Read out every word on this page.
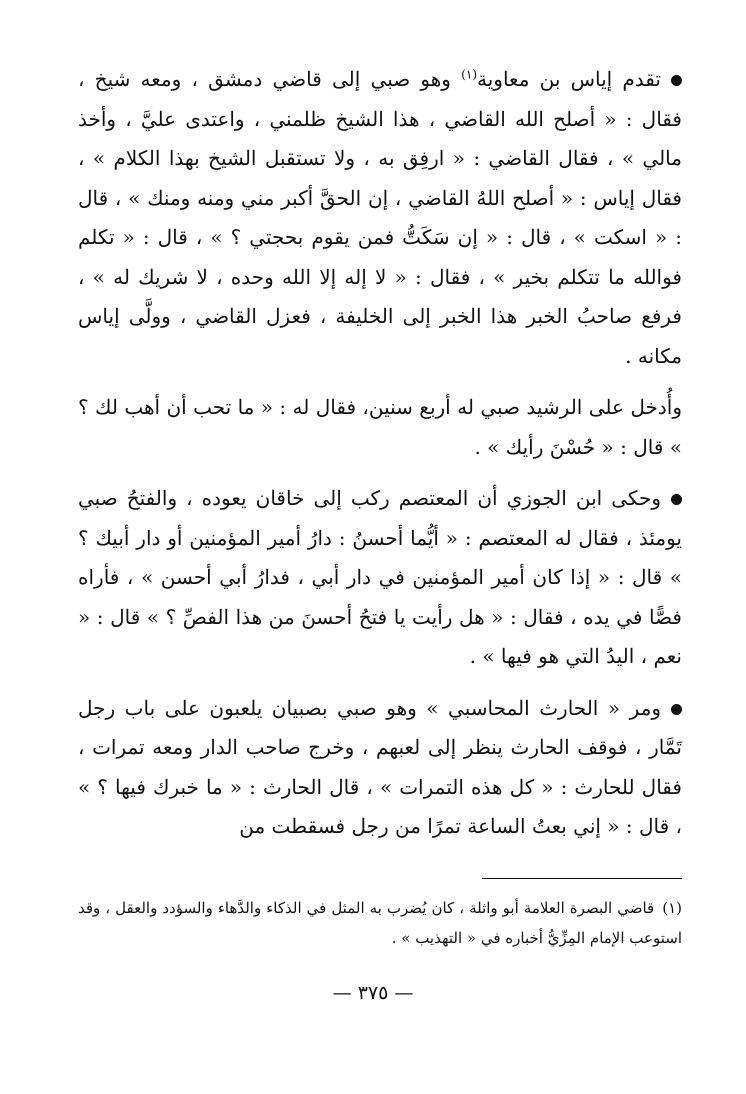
تقدم إياس بن معاوية$^{(١)}$ وهو صبي إلى قاضي دمشق ، ومعه شيخ ، فقال : « أصلح الله القاضي ، هذا الشيخ ظلمني ، واعتدى عليَّ ، وأخذ مالي » ، فقال القاضي : « ارفِق به ، ولا تستقبل الشيخ بهذا الكلام » ، فقال إياس : « أصلح اللهُ القاضي ، إن الحقَّ أكبر مني ومنه ومنك » ، قال : « اسكت » ، قال : « إن سَكَتُّ فمن يقوم بحجتي ؟ » ، قال : « تكلم فوالله ما تتكلم بخير » ، فقال : « لا إله إلا الله وحده ، لا شريك له » ، فرفع صاحبُ الخبر هذا الخبر إلى الخليفة ، فعزل القاضي ، وولَّى إياس مكانه .

وأُدخل على الرشيد صبي له أربع سنين، فقال له : « ما تحب أن أهب لك ؟ » قال : « حُسْنَ رأيك » .

وحكى ابن الجوزي أن المعتصم ركب إلى خاقان يعوده ، والفتحُ صبي يومئذ ، فقال له المعتصم : « أيُّما أحسنُ : دارُ أمير المؤمنين أو دار أبيك ؟ » قال : « إذا كان أمير المؤمنين في دار أبي ، فدارُ أبي أحسن » ، فأراه فصًّا في يده ، فقال : « هل رأيت يا فتحُ أحسنَ من هذا الفصِّ ؟ » قال : « نعم ، اليدُ التي هو فيها » .

ومر « الحارث المحاسبي » وهو صبي بصبيان يلعبون على باب رجل تَمَّار ، فوقف الحارث ينظر إلى لعبهم ، وخرج صاحب الدار ومعه تمرات ، فقال للحارث : « كل هذه التمرات » ، قال الحارث : « ما خبرك فيها ؟ » ، قال : « إني بعتُ الساعة تمرًا من رجل فسقطت من

(١)قاضي البصرة العلامة أبو واثلة ، كان يُضرب به المثل في الذكاء والدَّهاء والسؤدد والعقل ، وقد استوعب الإمام المِزِّيُّ أخباره في « التهذيب » .
— ٣٧٥ —
